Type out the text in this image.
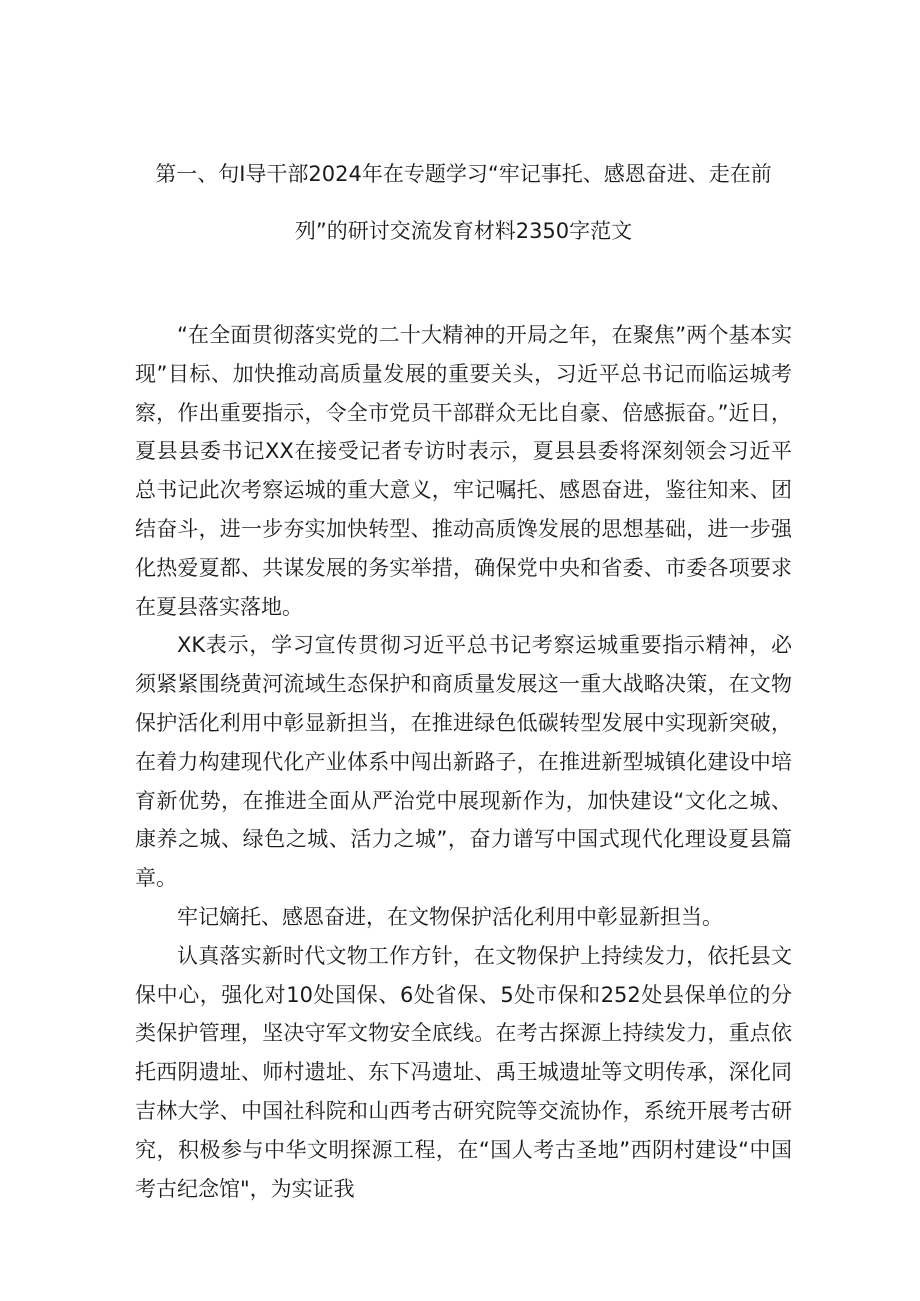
第一、句I导干部2024年在专题学习“牢记事托、感恩奋进、走在前列”的研讨交流发育材料2350字范文

“在全面贯彻落实党的二十大精神的开局之年，在聚焦”两个基本实现”目标、加快推动高质量发展的重要关头，习近平总书记而临运城考察，作出重要指示，令全市党员干部群众无比自豪、倍感振奋。”近日，夏县县委书记XX在接受记者专访时表示，夏县县委将深刻领会习近平总书记此次考察运城的重大意义，牢记嘱托、感恩奋进，鉴往知来、团结奋斗，进一步夯实加快转型、推动高质馋发展的思想基础，进一步强化热爱夏都、共谋发展的务实举措，确保党中央和省委、市委各项要求在夏县落实落地。

XK表示，学习宣传贯彻习近平总书记考察运城重要指示精神，必须紧紧围绕黄河流域生态保护和商质量发展这一重大战略决策，在文物保护活化利用中彰显新担当，在推进绿色低碳转型发展中实现新突破，在着力构建现代化产业体系中闯出新路子，在推进新型城镇化建设中培育新优势，在推进全面从严治党中展现新作为，加快建设“文化之城、康养之城、绿色之城、活力之城”，奋力谱写中国式现代化理设夏县篇章。

牢记嫡托、感恩奋进，在文物保护活化利用中彰显新担当。

认真落实新时代文物工作方针，在文物保护上持续发力，依托县文保中心，强化对10处国保、6处省保、5处市保和252处县保单位的分类保护管理，坚决守军文物安全底线。在考古探源上持续发力，重点依托西阴遗址、师村遗址、东下冯遗址、禹王城遗址等文明传承，深化同吉林大学、中国社科院和山西考古研究院等交流协作，系统开展考古研究，积极参与中华文明探源工程，在“国人考古圣地”西阴村建设“中国考古纪念馆"，为实证我
